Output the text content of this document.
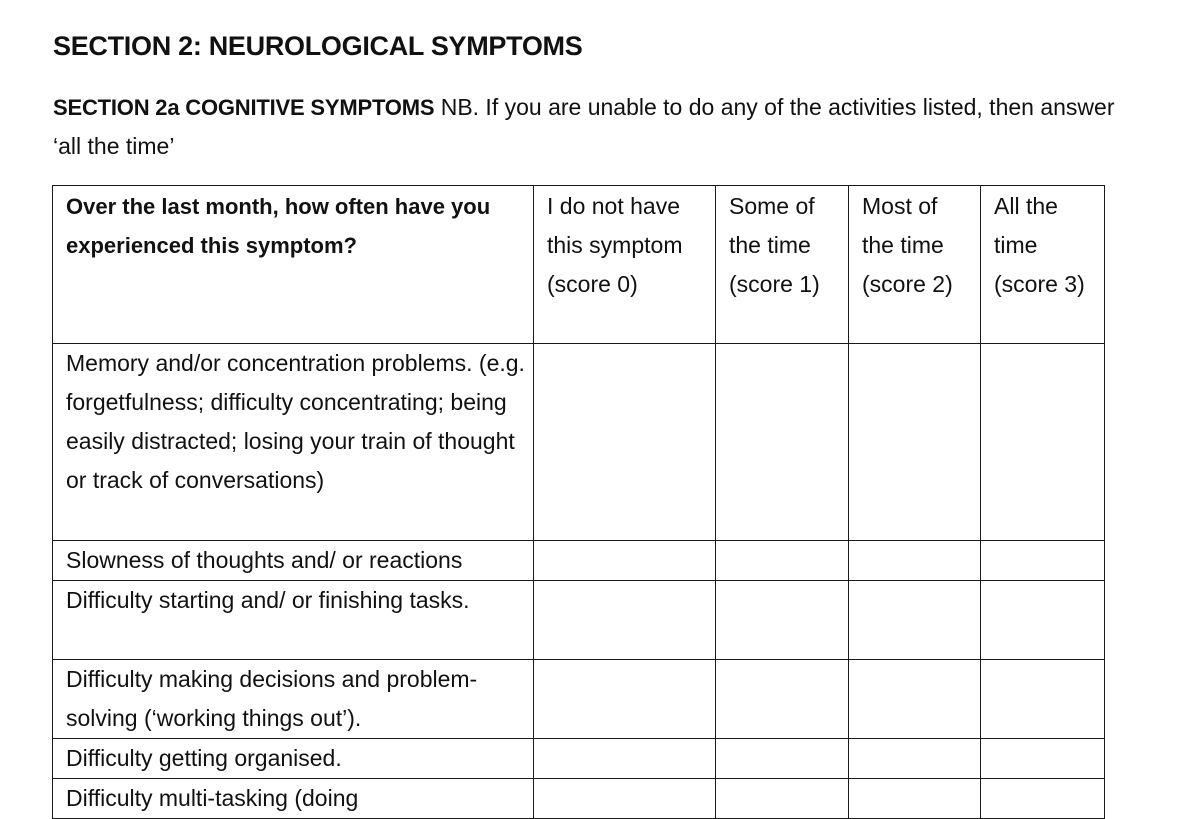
SECTION 2: NEUROLOGICAL SYMPTOMS

SECTION 2a COGNITIVE SYMPTOMS NB. If you are unable to do any of the activities listed, then answer ‘all the time’

Over the last month, how often have you experienced this symptom?	I do not have this symptom (score 0)	Some of the time (score 1)	Most of the time (score 2)	All the time (score 3)
Memory and/or concentration problems. (e.g. forgetfulness; difficulty concentrating; being easily distracted; losing your train of thought or track of conversations)				
Slowness of thoughts and/ or reactions				
Difficulty starting and/ or finishing tasks.				
Difficulty making decisions and problem-solving (‘working things out’).				
Difficulty getting organised.				
Difficulty multi-tasking (doing				
